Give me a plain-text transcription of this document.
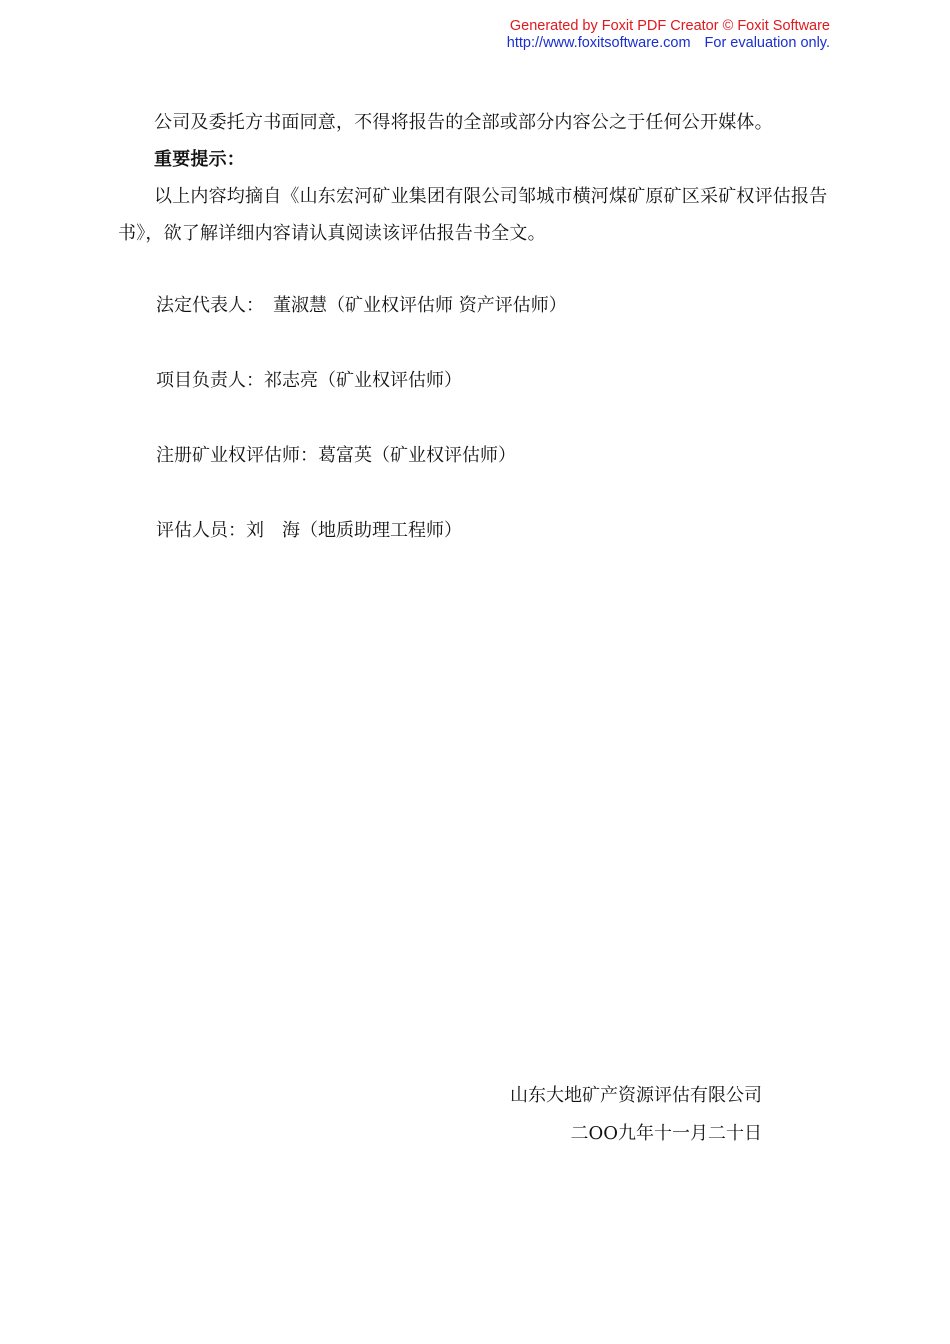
Generated by Foxit PDF Creator © Foxit Software
http://www.foxitsoftware.com For evaluation only.

公司及委托方书面同意，不得将报告的全部或部分内容公之于任何公开媒体。

重要提示：

以上内容均摘自《山东宏河矿业集团有限公司邹城市横河煤矿原矿区采矿权评估报告书》，欲了解详细内容请认真阅读该评估报告书全文。

法定代表人：　董淑慧（矿业权评估师 资产评估师）
项目负责人：祁志亮（矿业权评估师）
注册矿业权评估师：葛富英（矿业权评估师）
评估人员：刘　海（地质助理工程师）
山东大地矿产资源评估有限公司
二OO九年十一月二十日
